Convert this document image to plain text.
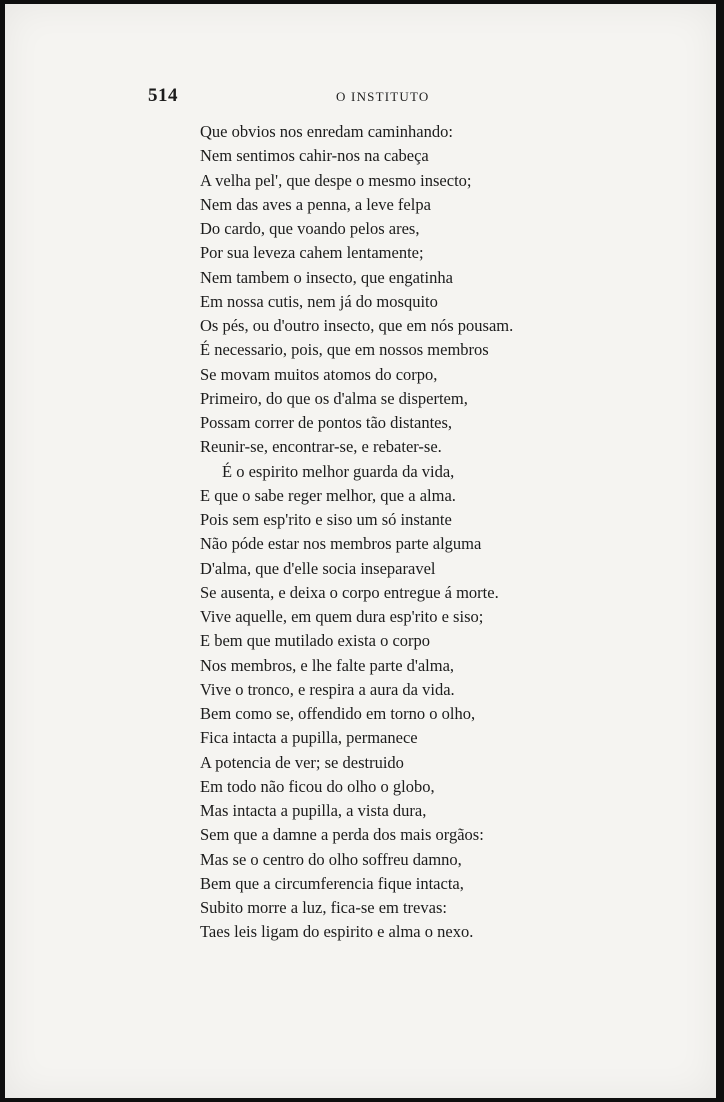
514	O INSTITUTO
Que obvios nos enredam caminhando:
Nem sentimos cahir-nos na cabeça
A velha pel', que despe o mesmo insecto;
Nem das aves a penna, a leve felpa
Do cardo, que voando pelos ares,
Por sua leveza cahem lentamente;
Nem tambem o insecto, que engatinha
Em nossa cutis, nem já do mosquito
Os pés, ou d'outro insecto, que em nós pousam.
É necessario, pois, que em nossos membros
Se movam muitos atomos do corpo,
Primeiro, do que os d'alma se dispertem,
Possam correr de pontos tão distantes,
Reunir-se, encontrar-se, e rebater-se.
É o espirito melhor guarda da vida,
E que o sabe reger melhor, que a alma.
Pois sem esp'rito e siso um só instante
Não póde estar nos membros parte alguma
D'alma, que d'elle socia inseparavel
Se ausenta, e deixa o corpo entregue á morte.
Vive aquelle, em quem dura esp'rito e siso;
E bem que mutilado exista o corpo
Nos membros, e lhe falte parte d'alma,
Vive o tronco, e respira a aura da vida.
Bem como se, offendido em torno o olho,
Fica intacta a pupilla, permanece
A potencia de ver; se destruido
Em todo não ficou do olho o globo,
Mas intacta a pupilla, a vista dura,
Sem que a damne a perda dos mais orgãos:
Mas se o centro do olho soffreu damno,
Bem que a circumferencia fique intacta,
Subito morre a luz, fica-se em trevas:
Taes leis ligam do espirito e alma o nexo.
